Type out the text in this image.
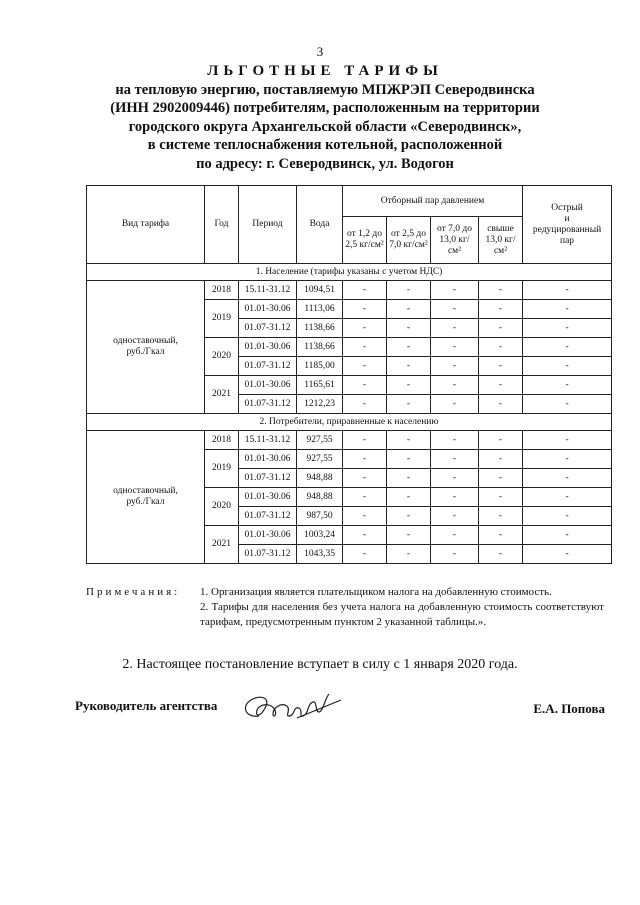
3
ЛЬГОТНЫЕ ТАРИФЫ
на тепловую энергию, поставляемую МПЖРЭП Северодвинска
(ИНН 2902009446) потребителям, расположенным на территории
городского округа Архангельской области «Северодвинск»,
в системе теплоснабжения котельной, расположенной
по адресу: г. Северодвинск, ул. Водогон
Вид тарифа	Год	Период	Вода	Отборный пар давлением				Острый
и
редуцированный
пар

				от 1,2 до 2,5 кг/см²	от 2,5 до 7,0 кг/см²	от 7,0 до 13,0 кг/см²	свыше 13,0 кг/см²	
1. Население (тарифы указаны с учетом НДС)								

одноставочный,
руб./Гкал	2018	15.11-31.12	1094,51	-	-	-	-	-
	2019	01.01-30.06	1113,06	-	-	-	-	-
		01.07-31.12	1138,66	-	-	-	-	-
	2020	01.01-30.06	1138,66	-	-	-	-	-
		01.07-31.12	1185,00	-	-	-	-	-
	2021	01.01-30.06	1165,61	-	-	-	-	-
		01.07-31.12	1212,23	-	-	-	-	-
2. Потребители, приравненные к населению								

одноставочный,
руб./Гкал	2018	15.11-31.12	927,55	-	-	-	-	-
	2019	01.01-30.06	927,55	-	-	-	-	-
		01.07-31.12	948,88	-	-	-	-	-
	2020	01.01-30.06	948,88	-	-	-	-	-
		01.07-31.12	987,50	-	-	-	-	-
	2021	01.01-30.06	1003,24	-	-	-	-	-
		01.07-31.12	1043,35	-	-	-	-	-
Примечания: 1. Организация является плательщиком налога на добавленную стоимость.
2. Тарифы для населения без учета налога на добавленную стоимость соответствуют тарифам, предусмотренным пунктом 2 указанной таблицы.».
2. Настоящее постановление вступает в силу с 1 января 2020 года.
Руководитель агентства	Е.А. Попова
